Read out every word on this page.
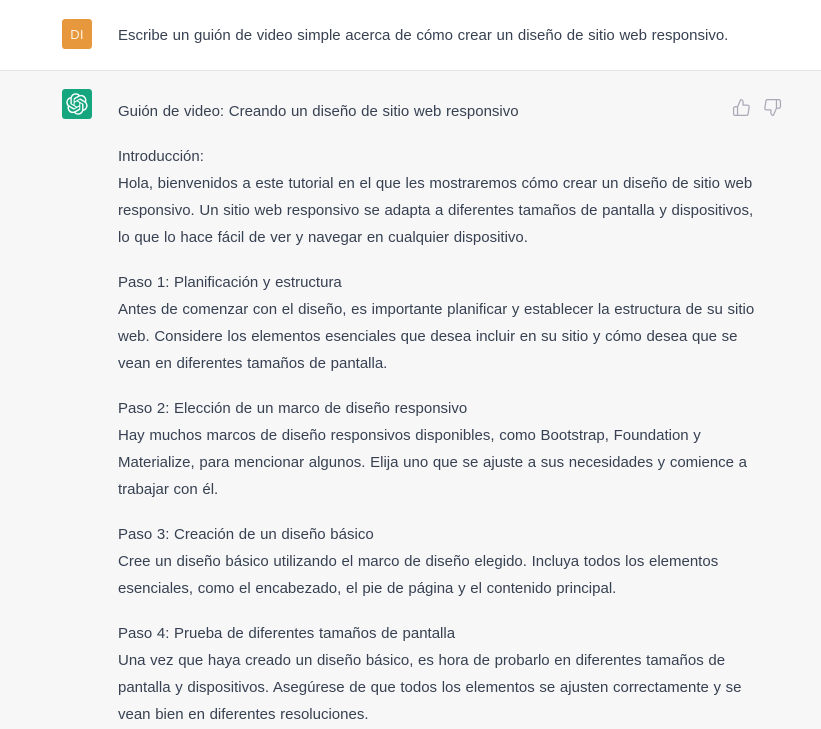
DI	Escribe un guión de video simple acerca de cómo crear un diseño de sitio web responsivo.

Guión de video: Creando un diseño de sitio web responsivo

Introducción:
Hola, bienvenidos a este tutorial en el que les mostraremos cómo crear un diseño de sitio web responsivo. Un sitio web responsivo se adapta a diferentes tamaños de pantalla y dispositivos, lo que lo hace fácil de ver y navegar en cualquier dispositivo.
Paso 1: Planificación y estructura
Antes de comenzar con el diseño, es importante planificar y establecer la estructura de su sitio web. Considere los elementos esenciales que desea incluir en su sitio y cómo desea que se vean en diferentes tamaños de pantalla.
Paso 2: Elección de un marco de diseño responsivo
Hay muchos marcos de diseño responsivos disponibles, como Bootstrap, Foundation y Materialize, para mencionar algunos. Elija uno que se ajuste a sus necesidades y comience a trabajar con él.
Paso 3: Creación de un diseño básico
Cree un diseño básico utilizando el marco de diseño elegido. Incluya todos los elementos esenciales, como el encabezado, el pie de página y el contenido principal.
Paso 4: Prueba de diferentes tamaños de pantalla
Una vez que haya creado un diseño básico, es hora de probarlo en diferentes tamaños de pantalla y dispositivos. Asegúrese de que todos los elementos se ajusten correctamente y se vean bien en diferentes resoluciones.
